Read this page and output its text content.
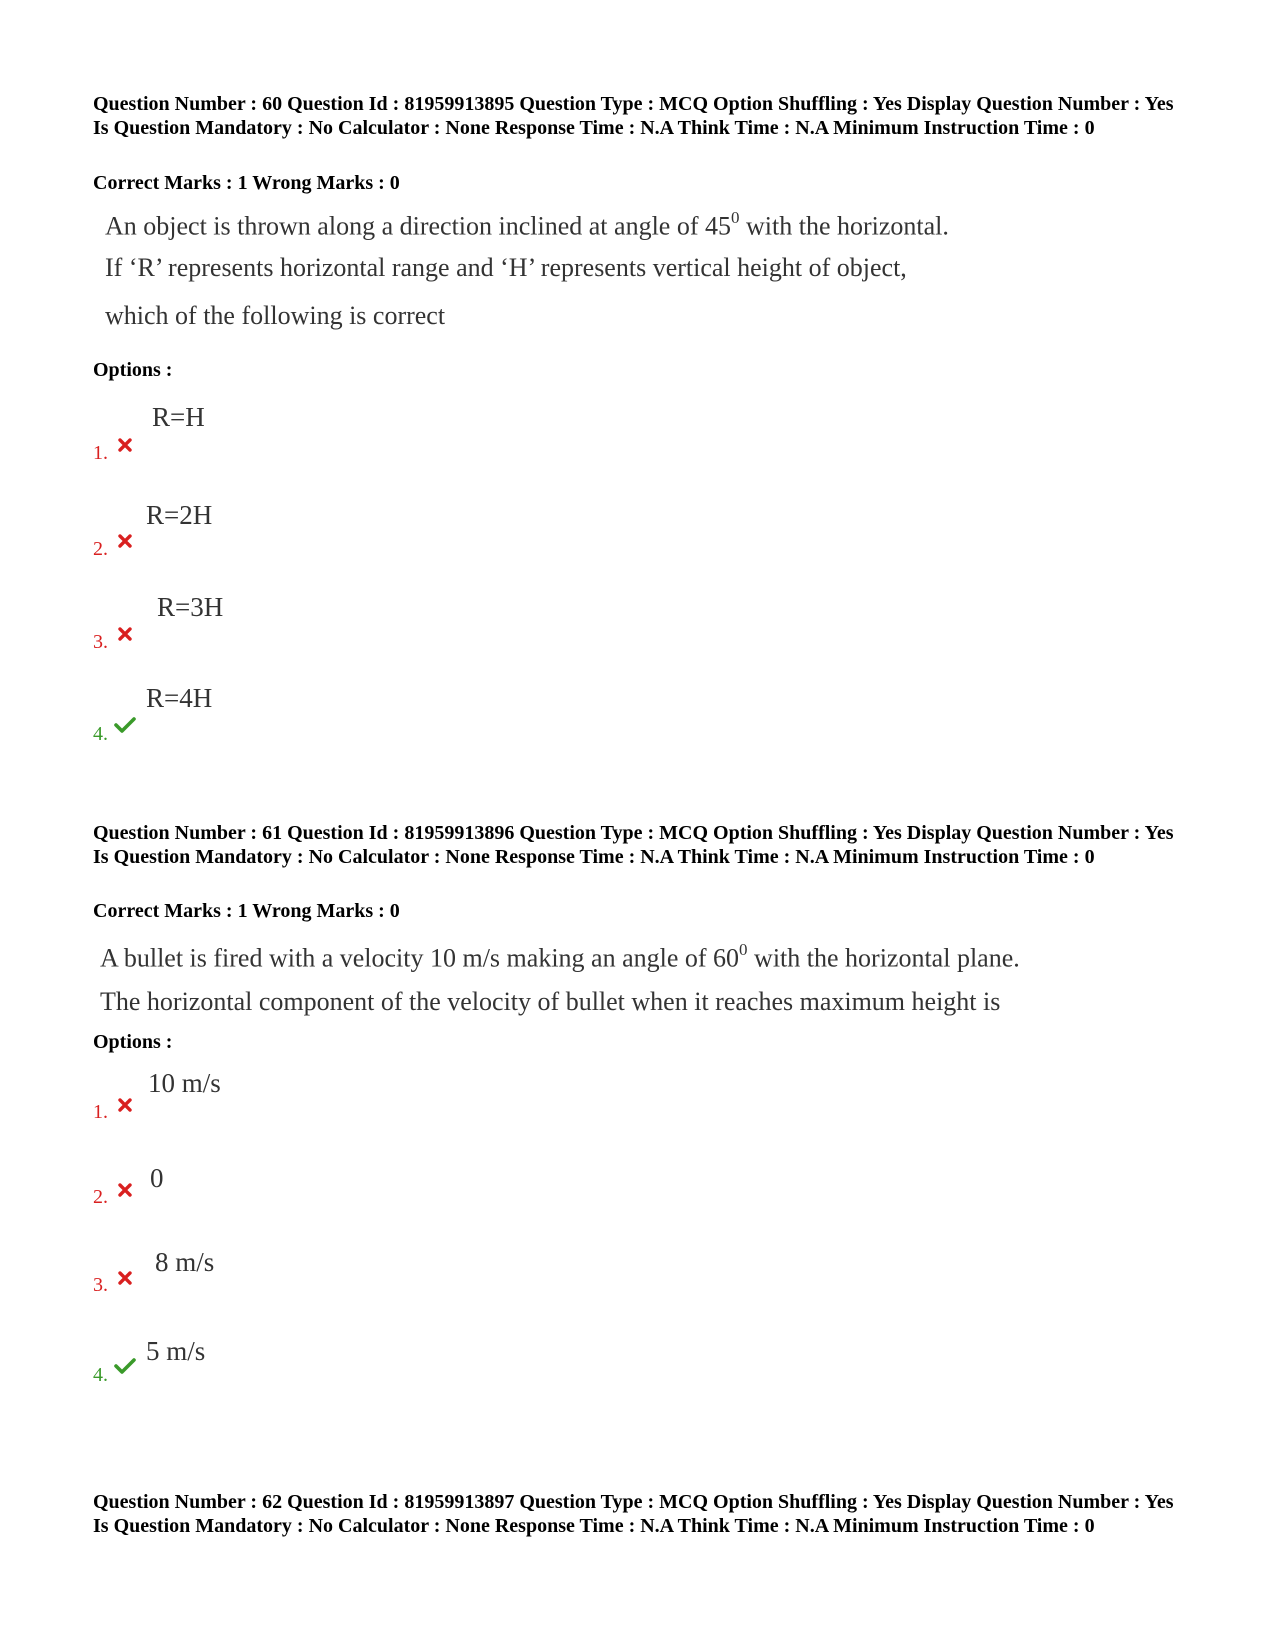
Question Number : 60 Question Id : 81959913895 Question Type : MCQ Option Shuffling : Yes Display Question Number : Yes Is Question Mandatory : No Calculator : None Response Time : N.A Think Time : N.A Minimum Instruction Time : 0
Correct Marks : 1 Wrong Marks : 0
An object is thrown along a direction inclined at angle of $45^0$ with the horizontal.
If ‘R’ represents horizontal range and ‘H’ represents vertical height of object,
which of the following is correct
Options :
R=H
1.
R=2H
2.
R=3H
3.
R=4H
4.
Question Number : 61 Question Id : 81959913896 Question Type : MCQ Option Shuffling : Yes Display Question Number : Yes Is Question Mandatory : No Calculator : None Response Time : N.A Think Time : N.A Minimum Instruction Time : 0
Correct Marks : 1 Wrong Marks : 0
A bullet is fired with a velocity 10 m/s making an angle of $60^0$ with the horizontal plane.
The horizontal component of the velocity of bullet when it reaches maximum height is
Options :
10 m/s
1.
0
2.
8 m/s
3.
5 m/s
4.
Question Number : 62 Question Id : 81959913897 Question Type : MCQ Option Shuffling : Yes Display Question Number : Yes Is Question Mandatory : No Calculator : None Response Time : N.A Think Time : N.A Minimum Instruction Time : 0
